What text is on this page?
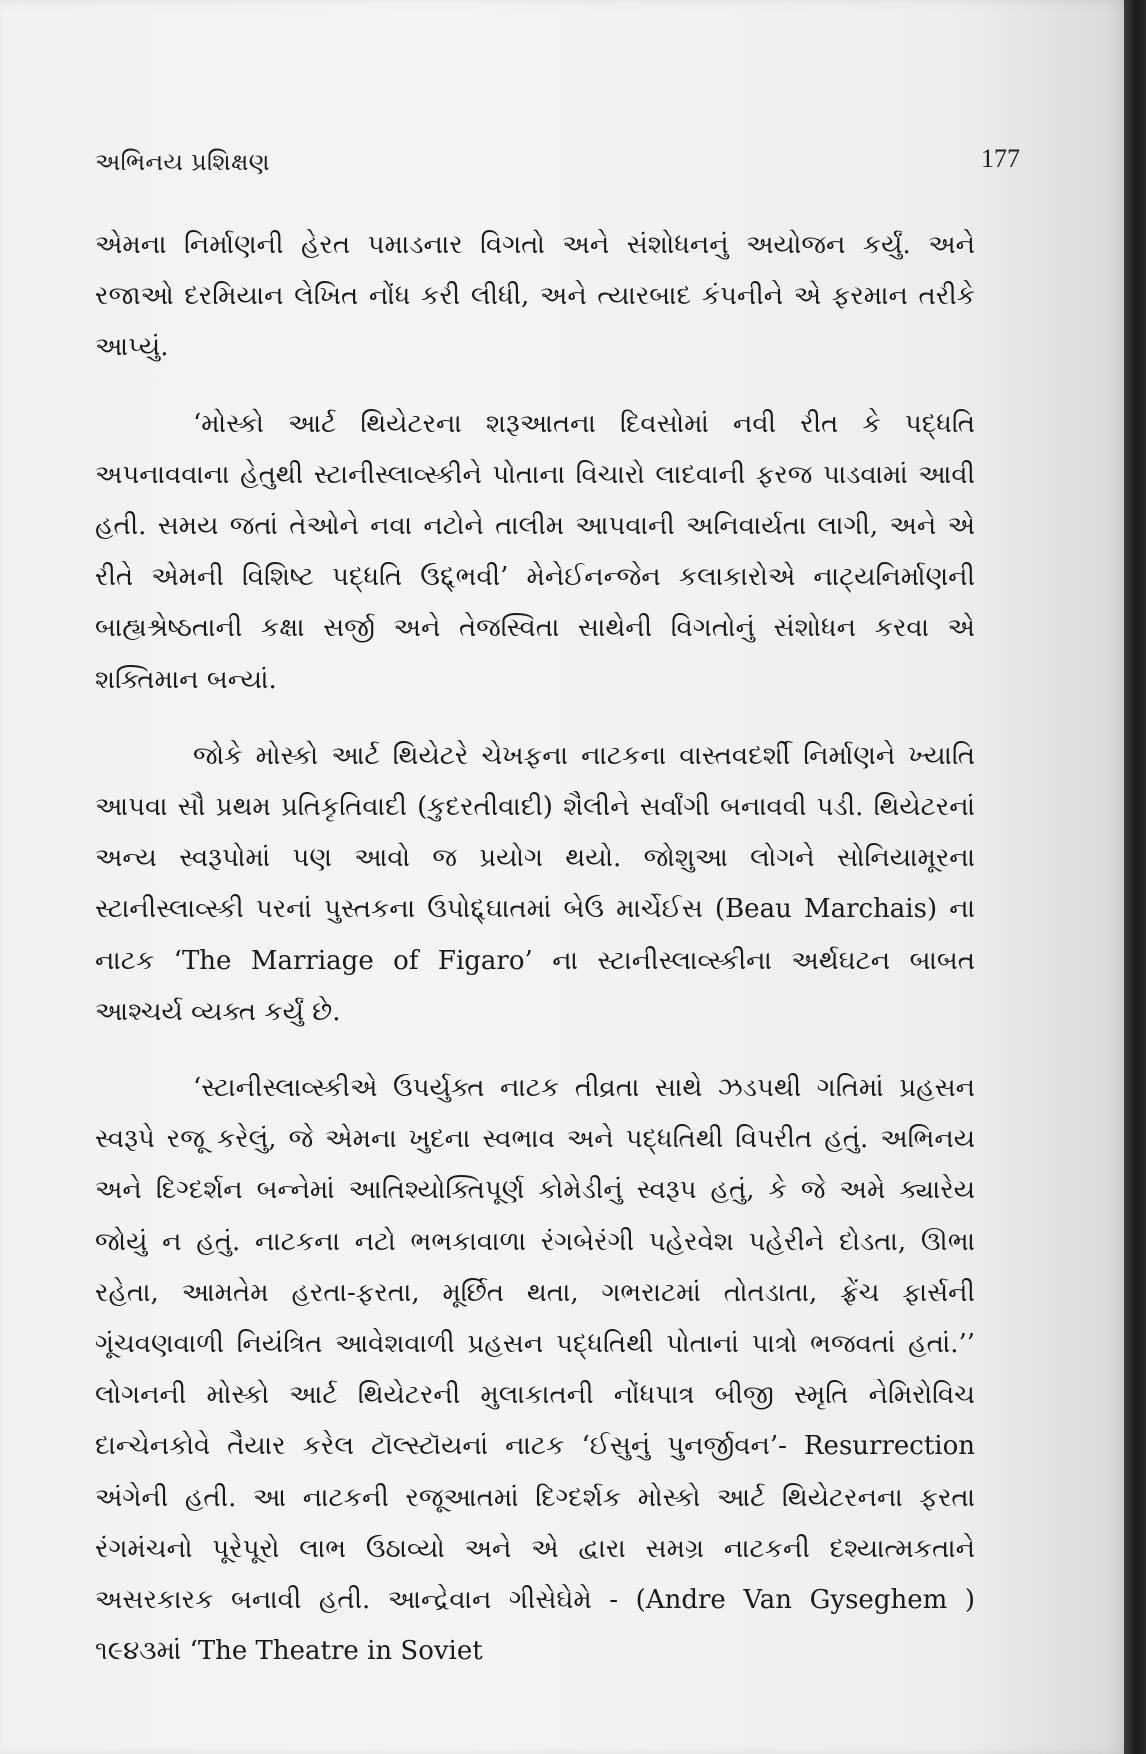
અભિનય પ્રશિક્ષણ	177

એમના નિર્માણની હેરત પમાડનાર વિગતો અને સંશોધનનું અયોજન કર્યું. અને રજાઓ દરમિયાન લેખિત નોંધ કરી લીધી, અને ત્યારબાદ કંપનીને એ ફરમાન તરીકે આપ્યું.

‘મોસ્કો આર્ટ થિયેટરના શરૂઆતના દિવસોમાં નવી રીત કે પદ્ધતિ અપનાવવાના હેતુથી સ્ટાનીસ્લાવ્સ્કીને પોતાના વિચારો લાદવાની ફરજ પાડવામાં આવી હતી. સમય જતાં તેઓને નવા નટોને તાલીમ આપવાની અનિવાર્યતા લાગી, અને એ રીતે એમની વિશિષ્ટ પદ્ધતિ ઉદ્દ્ભવી’ મેનેઈનન્જેન કલાકારોએ નાટ્યનિર્માણની બાહ્યશ્રેષ્ઠતાની કક્ષા સર્જી અને તેજસ્વિતા સાથેની વિગતોનું સંશોધન કરવા એ શક્તિમાન બન્યાં.

જોકે મોસ્કો આર્ટ થિયેટરે ચેખફના નાટકના વાસ્તવદર્શી નિર્માણને ખ્યાતિ આપવા સૌ પ્રથમ પ્રતિકૃતિવાદી (કુદરતીવાદી) શૈલીને સર્વાંગી બનાવવી પડી. થિયેટરનાં અન્ય સ્વરૂપોમાં પણ આવો જ પ્રયોગ થયો. જોશુઆ લોગને સોનિયામૂરના સ્ટાનીસ્લાવ્સ્કી પરનાં પુસ્તકના ઉપોદ્દ્ઘાતમાં બેઉ માર્ચેઈસ (Beau Marchais) ના નાટક ‘The Marriage of Figaro’ ના સ્ટાનીસ્લાવ્સ્કીના અર્થઘટન બાબત આશ્ચર્ય વ્યક્ત કર્યું છે.

‘સ્ટાનીસ્લાવ્સ્કીએ ઉપર્યુક્ત નાટક તીવ્રતા સાથે ઝડપથી ગતિમાં પ્રહસન સ્વરૂપે રજૂ કરેલું, જે એમના ખુદના સ્વભાવ અને પદ્ધતિથી વિપરીત હતું. અભિનય અને દિગ્દર્શન બન્નેમાં આતિશ્યોક્તિપૂર્ણ કોમેડીનું સ્વરૂપ હતું, કે જે અમે ક્યારેય જોયું ન હતું. નાટકના નટો ભભકાવાળા રંગબેરંગી પહેરવેશ પહેરીને દોડતા, ઊભા રહેતા, આમતેમ હરતા-ફરતા, મૂર્છિત થતા, ગભરાટમાં તોતડાતા, ફ્રેંચ ફાર્સની ગૂંચવણવાળી નિયંત્રિત આવેશવાળી પ્રહસન પદ્ધતિથી પોતાનાં પાત્રો ભજવતાં હતાં.’’ લોગનની મોસ્કો આર્ટ થિયેટરની મુલાકાતની નોંધપાત્ર બીજી સ્મૃતિ નેમિરોવિચ દાન્ચેનકોવે તૈયાર કરેલ ટૉલ્સ્ટૉયનાં નાટક ‘ઈસુનું પુનર્જીવન’- Resurrection અંગેની હતી. આ નાટકની રજૂઆતમાં દિગ્દર્શક મોસ્કો આર્ટ થિયેટરનના ફરતા રંગમંચનો પૂરેપૂરો લાભ ઉઠાવ્યો અને એ દ્વારા સમગ્ર નાટકની દશ્યાત્મકતાને અસરકારક બનાવી હતી. આન્દ્રેવાન ગીસેઘેમે - (Andre Van Gyseghem ) ૧૯૪૩માં ‘The Theatre in Soviet
